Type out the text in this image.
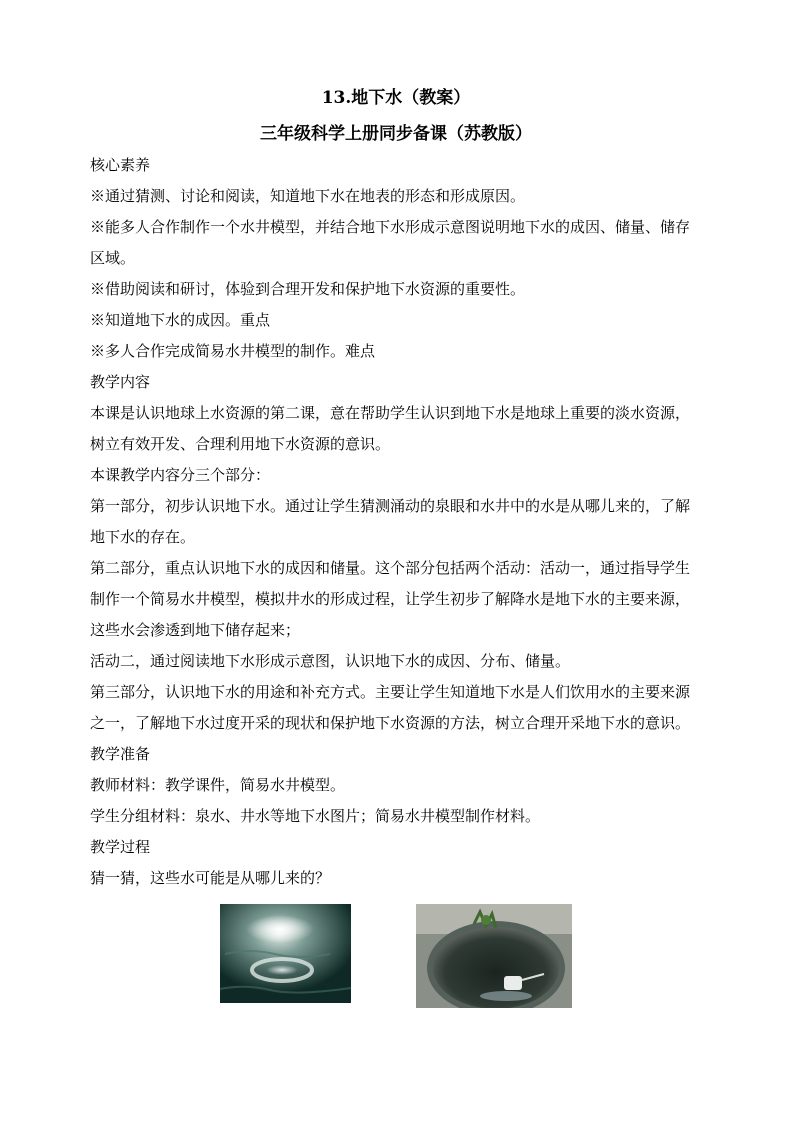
13.地下水（教案）

三年级科学上册同步备课（苏教版）

核心素养

※通过猜测、讨论和阅读，知道地下水在地表的形态和形成原因。

※能多人合作制作一个水井模型，并结合地下水形成示意图说明地下水的成因、储量、储存区域。

※借助阅读和研讨，体验到合理开发和保护地下水资源的重要性。

※知道地下水的成因。重点

※多人合作完成简易水井模型的制作。难点

教学内容

本课是认识地球上水资源的第二课，意在帮助学生认识到地下水是地球上重要的淡水资源，树立有效开发、合理利用地下水资源的意识。

本课教学内容分三个部分：

第一部分，初步认识地下水。通过让学生猜测涌动的泉眼和水井中的水是从哪儿来的，了解地下水的存在。

第二部分，重点认识地下水的成因和储量。这个部分包括两个活动：活动一，通过指导学生制作一个简易水井模型，模拟井水的形成过程，让学生初步了解降水是地下水的主要来源，这些水会渗透到地下储存起来；

活动二，通过阅读地下水形成示意图，认识地下水的成因、分布、储量。

第三部分，认识地下水的用途和补充方式。主要让学生知道地下水是人们饮用水的主要来源之一，了解地下水过度开采的现状和保护地下水资源的方法，树立合理开采地下水的意识。

教学准备

教师材料：教学课件，简易水井模型。

学生分组材料：泉水、井水等地下水图片；简易水井模型制作材料。

教学过程

猜一猜，这些水可能是从哪儿来的？
